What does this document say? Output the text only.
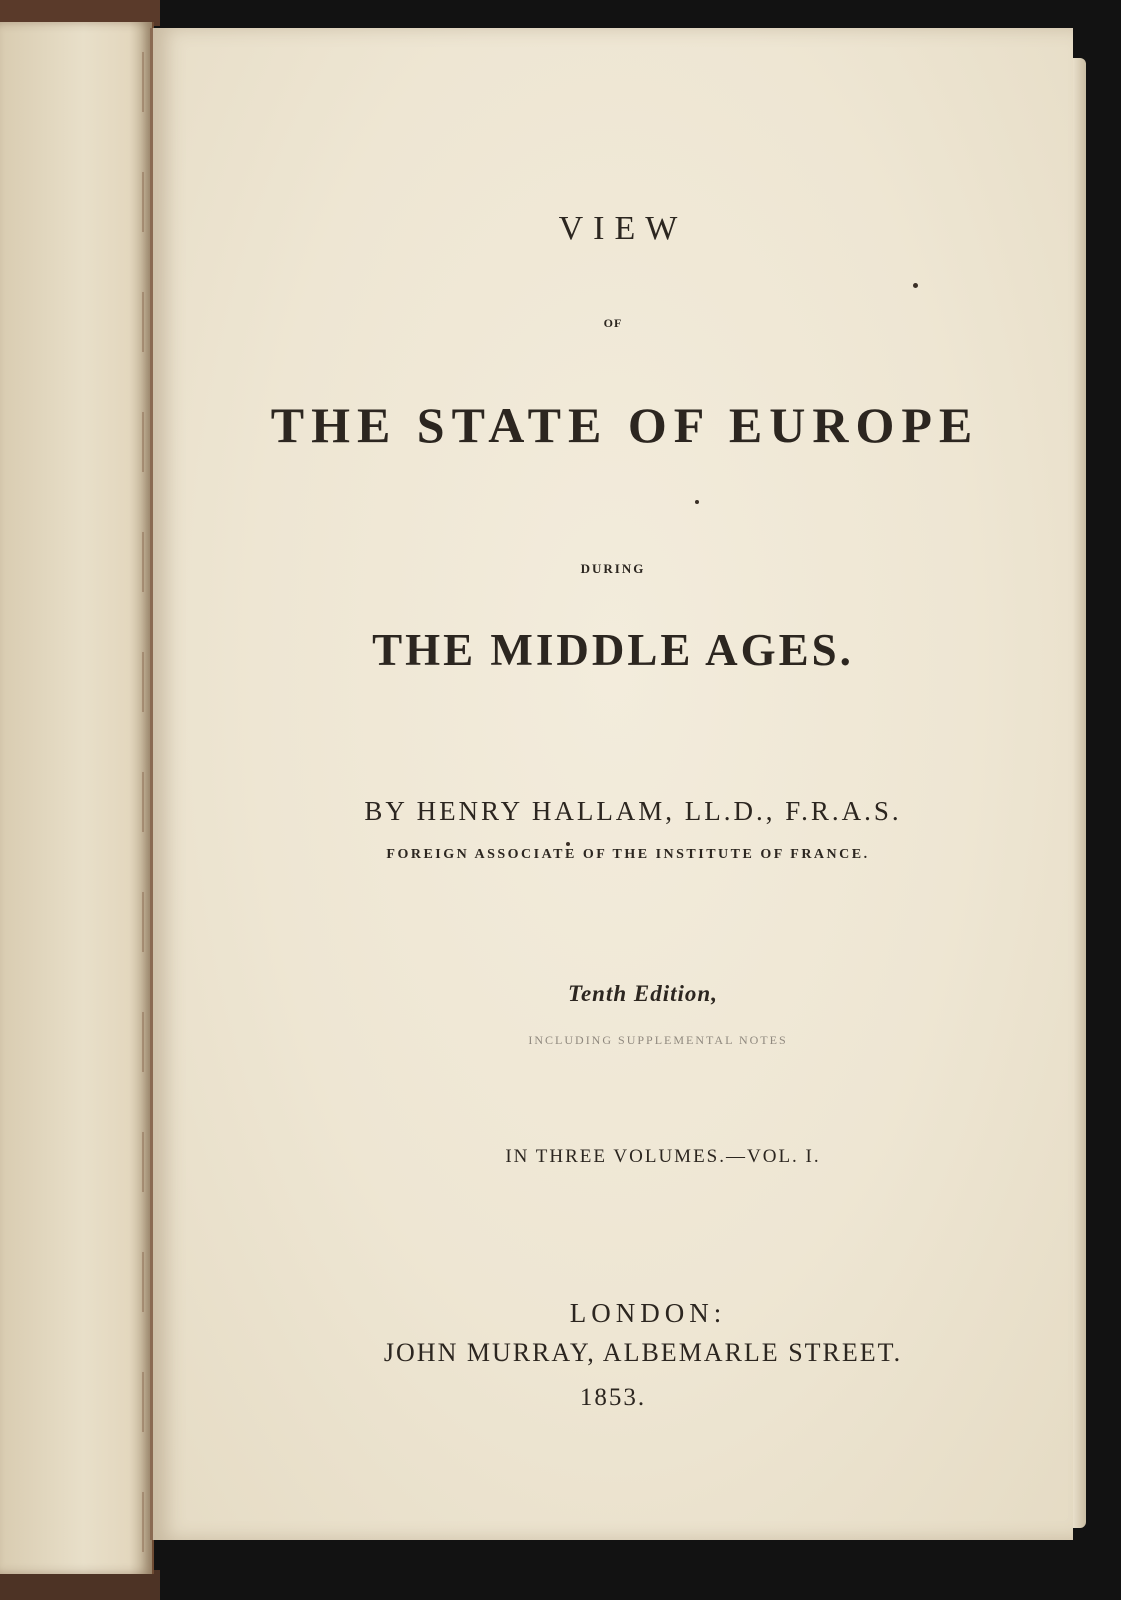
VIEW
OF
THE STATE OF EUROPE
DURING
THE MIDDLE AGES.
BY HENRY HALLAM, LL.D., F.R.A.S.
FOREIGN ASSOCIATE OF THE INSTITUTE OF FRANCE.
Tenth Edition,
INCLUDING SUPPLEMENTAL NOTES
IN THREE VOLUMES.—VOL. I.
LONDON:
JOHN MURRAY, ALBEMARLE STREET.
1853.
